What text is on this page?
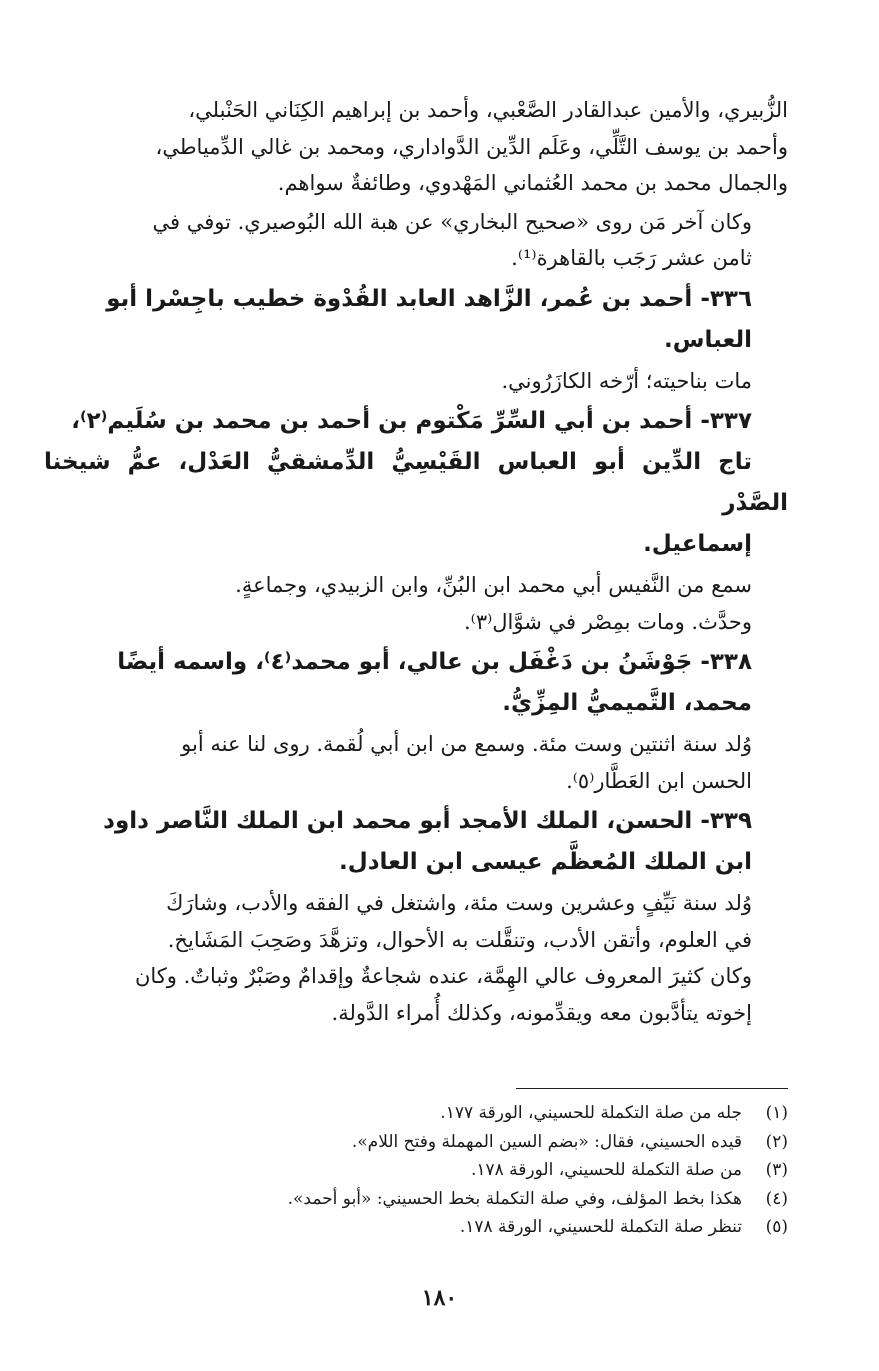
الزُّبيري، والأمين عبدالقادر الصَّعْبي، وأحمد بن إبراهيم الكِنَاني الحَنْبلي،
وأحمد بن يوسف التَّلِّي، وعَلَم الدِّين الدَّواداري، ومحمد بن غالي الدِّمياطي،
والجمال محمد بن محمد العُثماني المَهْدوي، وطائفةٌ سواهم.

وكان آخر مَن روى «صحيح البخاري» عن هبة الله البُوصيري. توفي في
ثامن عشر رَجَب بالقاهرة⁽¹⁾.

٣٣٦- أحمد بن عُمر، الزَّاهد العابد القُدْوة خطيب باجِسْرا أبو
العباس.

مات بناحيته؛ أرّخه الكازَرُوني.

٣٣٧- أحمد بن أبي السِّرِّ مَكْتوم بن أحمد بن محمد بن سُلَيم⁽٢⁾،
تاج الدِّين أبو العباس القَيْسِيُّ الدِّمشقيُّ العَدْل، عمُّ شيخنا الصَّدْر
إسماعيل.

سمع من النَّفيس أبي محمد ابن البُنِّ، وابن الزبيدي، وجماعةٍ.
وحدَّث. ومات بمِصْر في شوَّال⁽٣⁾.

٣٣٨- جَوْشَنُ بن دَغْفَل بن عالي، أبو محمد⁽٤⁾، واسمه أيضًا
محمد، التَّميميُّ المِزِّيُّ.

وُلد سنة اثنتين وست مئة. وسمع من ابن أبي لُقمة. روى لنا عنه أبو
الحسن ابن العَطَّار⁽٥⁾.

٣٣٩- الحسن، الملك الأمجد أبو محمد ابن الملك النَّاصر داود
ابن الملك المُعظَّم عيسى ابن العادل.

وُلد سنة نَيِّفٍ وعشرين وست مئة، واشتغل في الفقه والأدب، وشارَكَ
في العلوم، وأتقن الأدب، وتنقَّلت به الأحوال، وتزهَّدَ وصَحِبَ المَشَايخ.
وكان كثيرَ المعروف عالي الهِمَّة، عنده شجاعةٌ وإقدامٌ وصَبْرٌ وثباتٌ. وكان
إخوته يتأدَّبون معه ويقدِّمونه، وكذلك أُمراء الدَّولة.

(١)
جله من صلة التكملة للحسيني، الورقة ١٧٧.
(٢)
قيده الحسيني، فقال: «بضم السين المهملة وفتح اللام».
(٣)
من صلة التكملة للحسيني، الورقة ١٧٨.
(٤)
هكذا بخط المؤلف، وفي صلة التكملة بخط الحسيني: «أبو أحمد».
(٥)
تنظر صلة التكملة للحسيني، الورقة ١٧٨.
١٨٠
